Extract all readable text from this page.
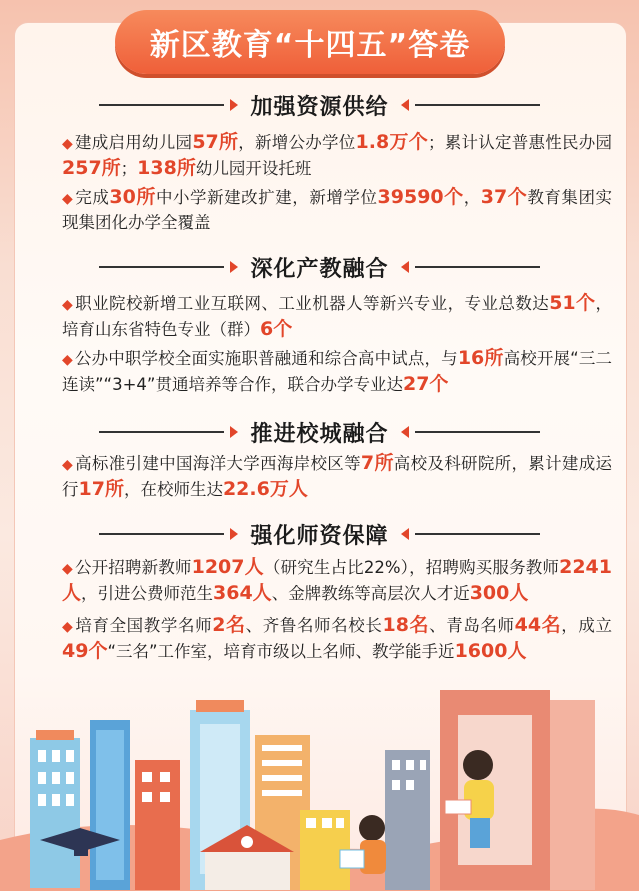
新区教育“十四五”答卷
加强资源供给
◆ 建成启用幼儿园57所，新增公办学位1.8万个；累计认定普惠性民办园257所；138所幼儿园开设托班
◆ 完成30所中小学新建改扩建，新增学位39590个，37个教育集团实现集团化办学全覆盖
深化产教融合
◆ 职业院校新增工业互联网、工业机器人等新兴专业，专业总数达51个，培育山东省特色专业（群）6个
◆ 公办中职学校全面实施职普融通和综合高中试点，与16所高校开展“三二连读”“3+4”贯通培养等合作，联合办学专业达27个
推进校城融合
◆ 高标准引建中国海洋大学西海岸校区等7所高校及科研院所，累计建成运行17所，在校师生达22.6万人
强化师资保障
◆ 公开招聘新教师1207人（研究生占比22%），招聘购买服务教师2241人，引进公费师范生364人、金牌教练等高层次人才近300人
◆ 培育全国教学名师2名、齐鲁名师名校长18名、青岛名师44名，成立49个“三名”工作室，培育市级以上名师、教学能手近1600人
